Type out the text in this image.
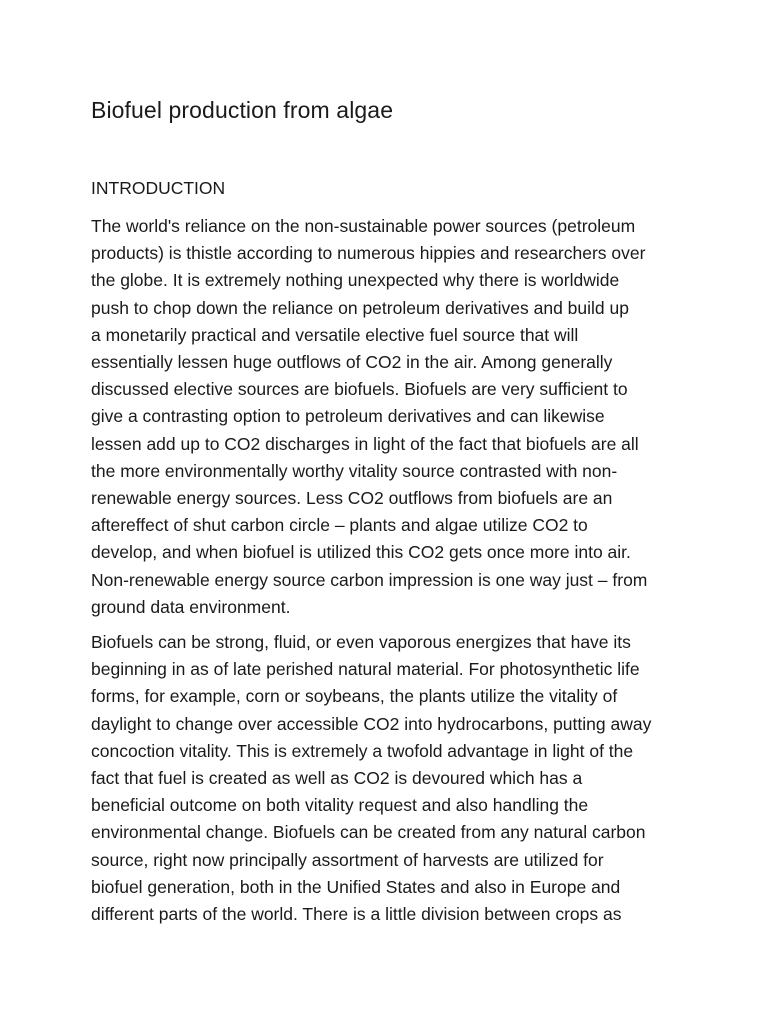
Biofuel production from algae
INTRODUCTION

The world's reliance on the non-sustainable power sources (petroleum
products) is thistle according to numerous hippies and researchers over
the globe. It is extremely nothing unexpected why there is worldwide
push to chop down the reliance on petroleum derivatives and build up
a monetarily practical and versatile elective fuel source that will
essentially lessen huge outflows of CO2 in the air. Among generally
discussed elective sources are biofuels. Biofuels are very sufficient to
give a contrasting option to petroleum derivatives and can likewise
lessen add up to CO2 discharges in light of the fact that biofuels are all
the more environmentally worthy vitality source contrasted with non-
renewable energy sources. Less CO2 outflows from biofuels are an
aftereffect of shut carbon circle – plants and algae utilize CO2 to
develop, and when biofuel is utilized this CO2 gets once more into air.
Non-renewable energy source carbon impression is one way just – from
ground data environment.

Biofuels can be strong, fluid, or even vaporous energizes that have its
beginning in as of late perished natural material. For photosynthetic life
forms, for example, corn or soybeans, the plants utilize the vitality of
daylight to change over accessible CO2 into hydrocarbons, putting away
concoction vitality. This is extremely a twofold advantage in light of the
fact that fuel is created as well as CO2 is devoured which has a
beneficial outcome on both vitality request and also handling the
environmental change. Biofuels can be created from any natural carbon
source, right now principally assortment of harvests are utilized for
biofuel generation, both in the Unified States and also in Europe and
different parts of the world. There is a little division between crops as
